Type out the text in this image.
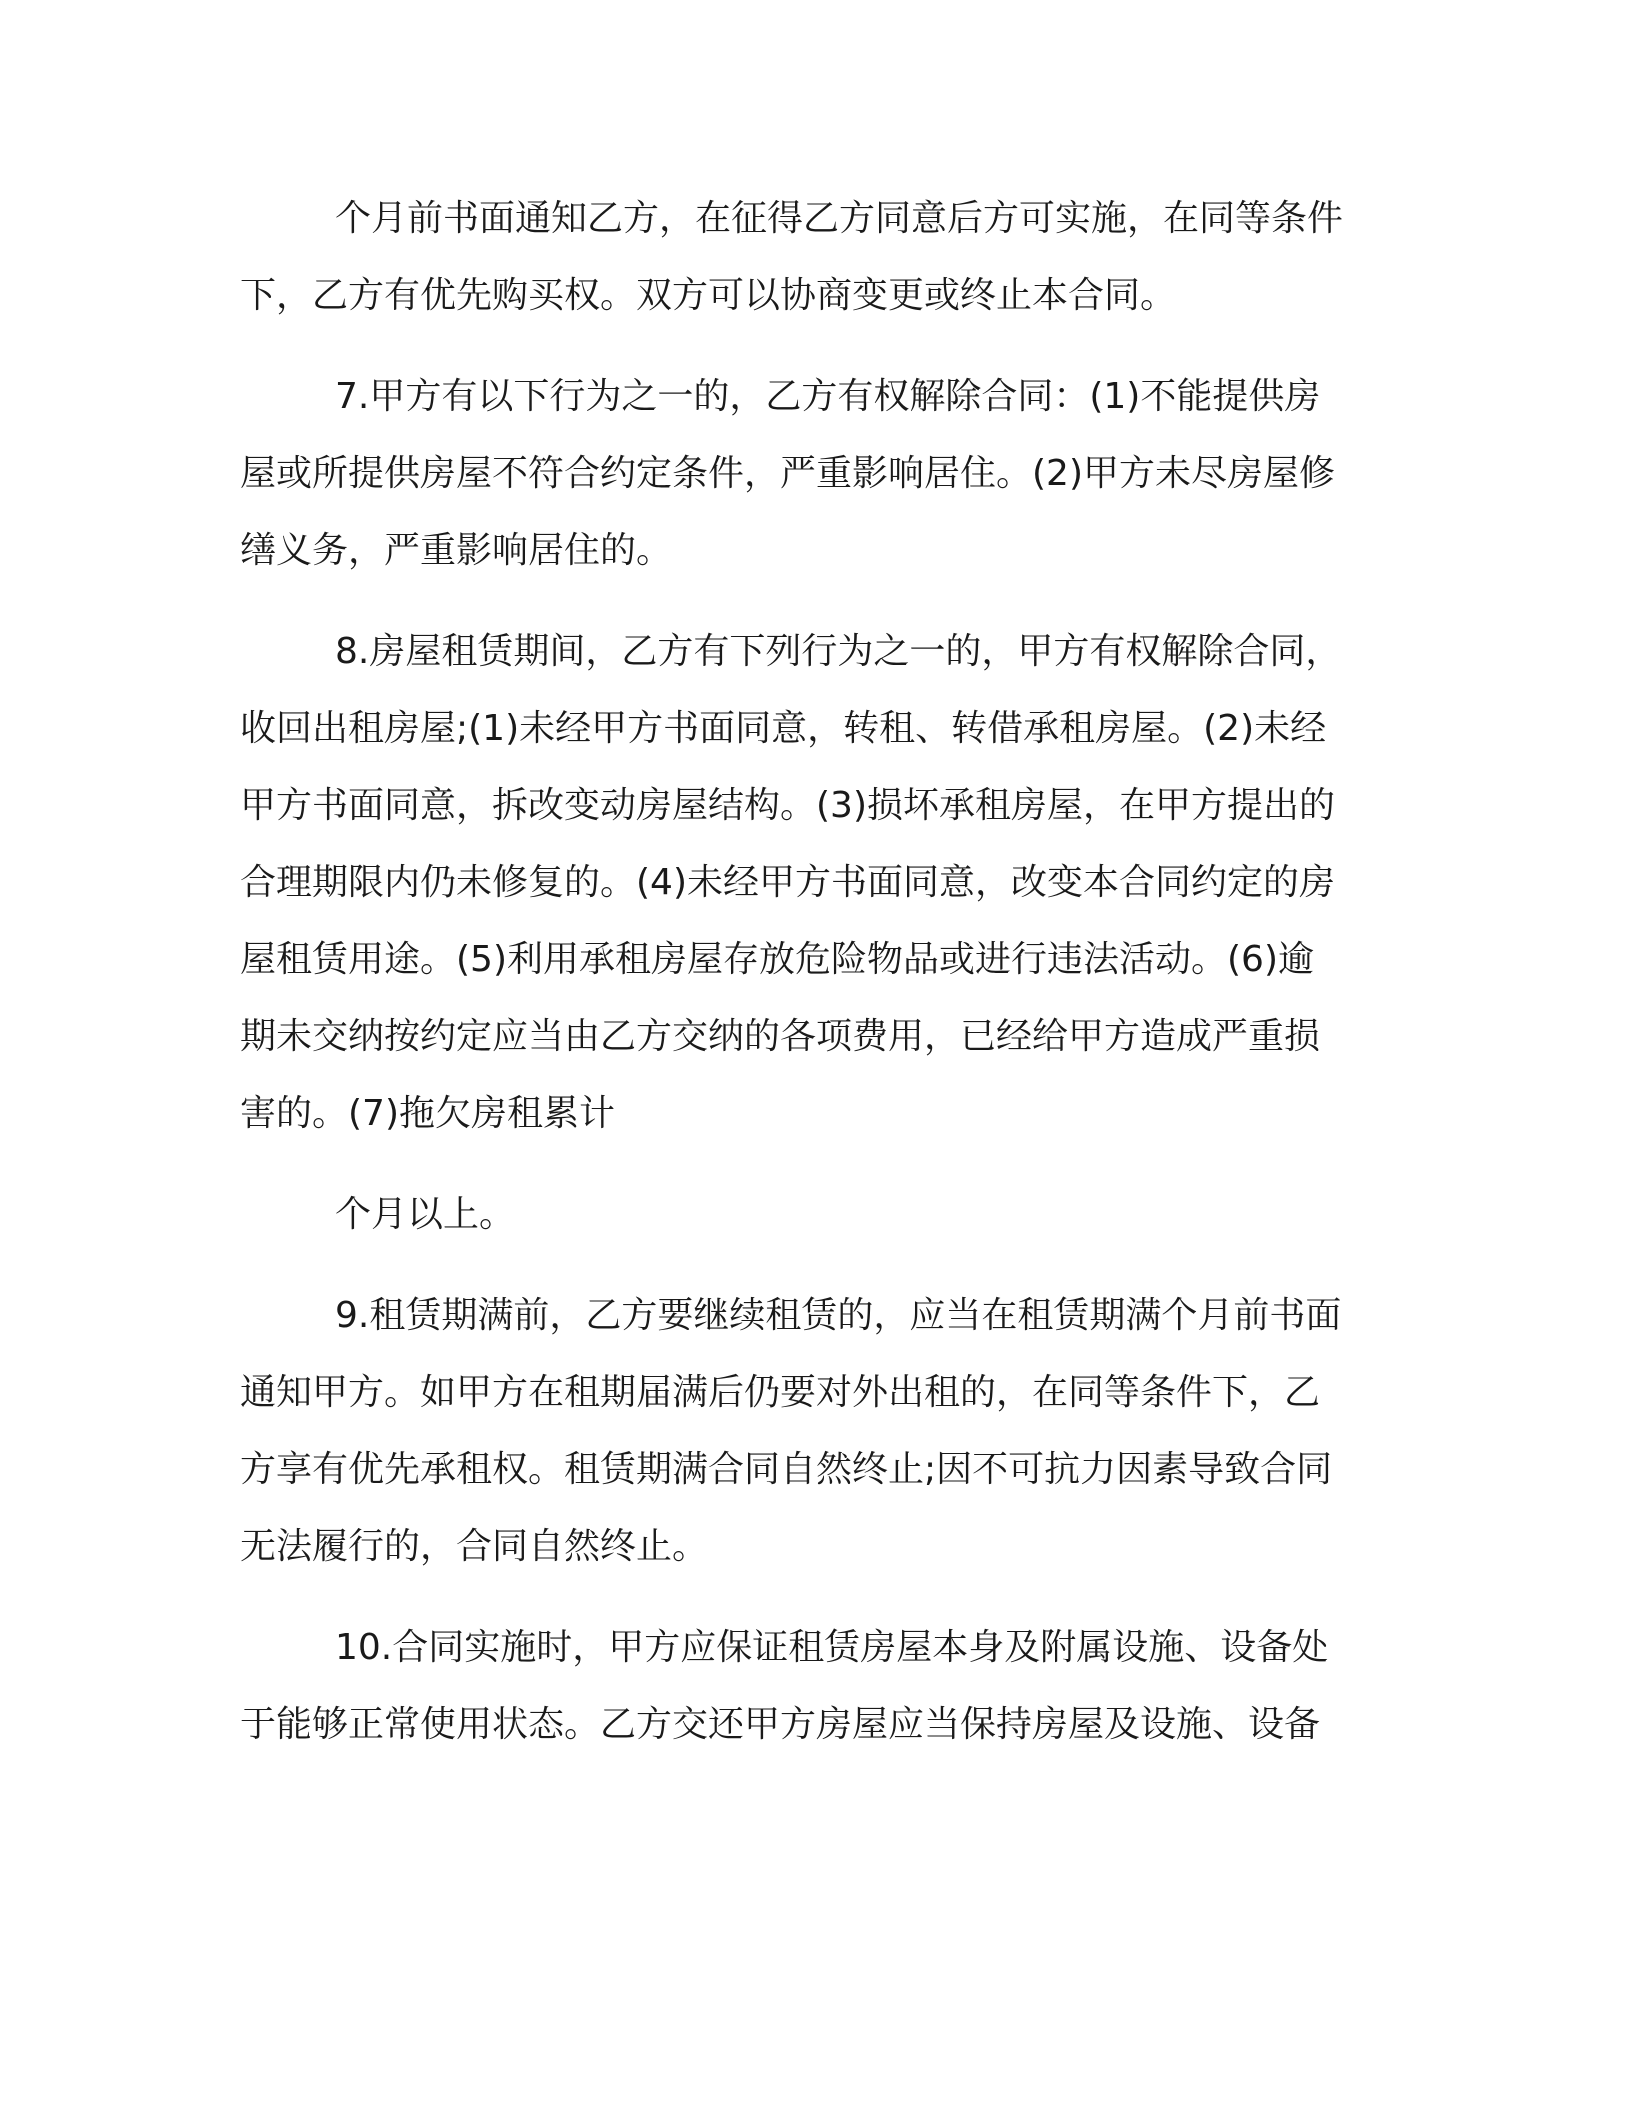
个月前书面通知乙方，在征得乙方同意后方可实施，在同等条件
下，乙方有优先购买权。双方可以协商变更或终止本合同。

7.甲方有以下行为之一的，乙方有权解除合同：(1)不能提供房
屋或所提供房屋不符合约定条件，严重影响居住。(2)甲方未尽房屋修
缮义务，严重影响居住的。

8.房屋租赁期间，乙方有下列行为之一的，甲方有权解除合同，
收回出租房屋;(1)未经甲方书面同意，转租、转借承租房屋。(2)未经
甲方书面同意，拆改变动房屋结构。(3)损坏承租房屋，在甲方提出的
合理期限内仍未修复的。(4)未经甲方书面同意，改变本合同约定的房
屋租赁用途。(5)利用承租房屋存放危险物品或进行违法活动。(6)逾
期未交纳按约定应当由乙方交纳的各项费用，已经给甲方造成严重损
害的。(7)拖欠房租累计

个月以上。

9.租赁期满前，乙方要继续租赁的，应当在租赁期满个月前书面
通知甲方。如甲方在租期届满后仍要对外出租的，在同等条件下，乙
方享有优先承租权。租赁期满合同自然终止;因不可抗力因素导致合同
无法履行的，合同自然终止。

10.合同实施时，甲方应保证租赁房屋本身及附属设施、设备处
于能够正常使用状态。乙方交还甲方房屋应当保持房屋及设施、设备
